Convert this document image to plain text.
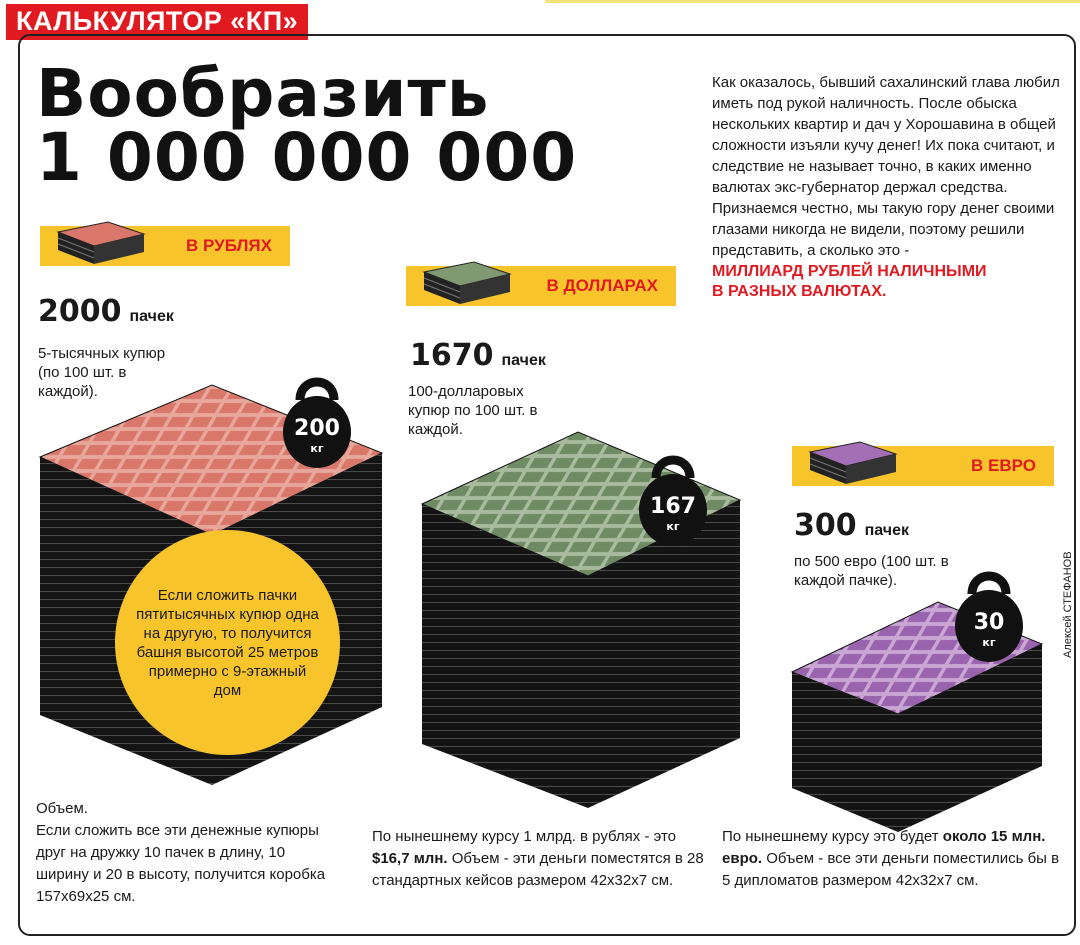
КАЛЬКУЛЯТОР «КП»
Вообразить
1 000 000 000
Как оказалось, бывший сахалинский глава любил иметь под рукой наличность. После обыска нескольких квартир и дач у Хорошавина в общей сложности изъяли кучу денег! Их пока считают, и следствие не называет точно, в каких именно валютах экс-губернатор держал средства. Признаемся честно, мы такую гору денег своими глазами никогда не видели, поэтому решили представить, а сколько это -
МИЛЛИАРД РУБЛЕЙ НАЛИЧНЫМИ
В РАЗНЫХ ВАЛЮТАХ.
В РУБЛЯХ
2000 пачек
5-тысячных купюр (по 100 шт. в каждой).
Если сложить пачки пятитысячных купюр одна на другую, то получится башня высотой 25 метров примерно с 9-этажный дом
200
кг
Объем.
Если сложить все эти денежные купюры друг на дружку 10 пачек в длину, 10 ширину и 20 в высоту, получится коробка 157х69х25 см.
В ДОЛЛАРАХ
1670 пачек
100-долларовых купюр по 100 шт. в каждой.
167
кг
По нынешнему курсу 1 млрд. в рублях - это $16,7 млн. Объем - эти деньги поместятся в 28 стандартных кейсов размером 42х32х7 см.
В ЕВРО
300 пачек
по 500 евро (100 шт. в каждой пачке).
30
кг
По нынешнему курсу это будет около 15 млн. евро. Объем - все эти деньги поместились бы в 5 дипломатов размером 42х32х7 см.
Алексей СТЕФАНОВ
